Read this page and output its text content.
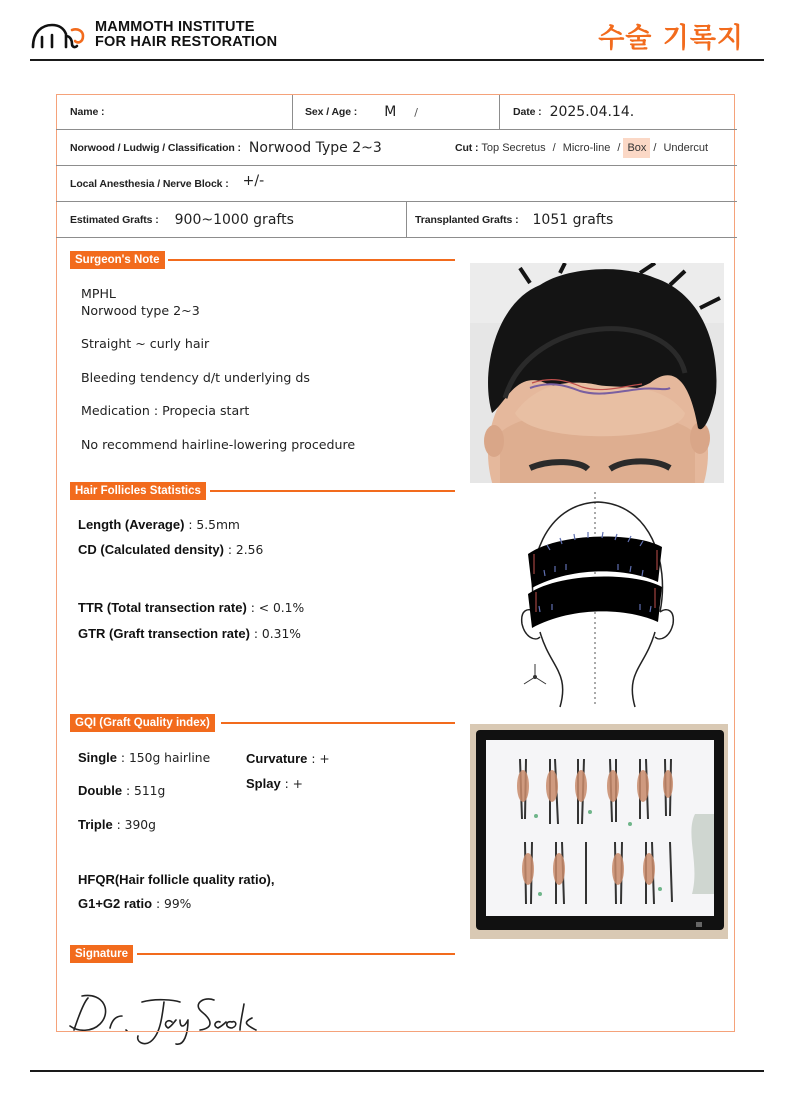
MAMMOTH INSTITUTE
FOR HAIR RESTORATION	수술 기록지
Name :	Sex / Age : M /	Date : 2025.04.14.
Norwood / Ludwig / Classification : Norwood Type 2~3	Cut : Top Secretus / Micro-line / Box / Undercut
Local Anesthesia / Nerve Block : +/-
Estimated Grafts : 900~1000 grafts	Transplanted Grafts : 1051 grafts
Surgeon's Note
MPHL
Norwood type 2~3
Straight ~ curly hair
Bleeding tendency d/t underlying ds
Medication : Propecia start
No recommend hairline-lowering procedure
Hair Follicles Statistics
Length (Average) : 5.5mm
CD (Calculated density) : 2.56
TTR (Total transection rate) : < 0.1%
GTR (Graft transection rate) : 0.31%
GQI (Graft Quality index)
Single : 150g hairline	Curvature : +
Splay : +
Double : 511g
Triple : 390g
HFQR(Hair follicle quality ratio),
G1+G2 ratio : 99%
Signature
